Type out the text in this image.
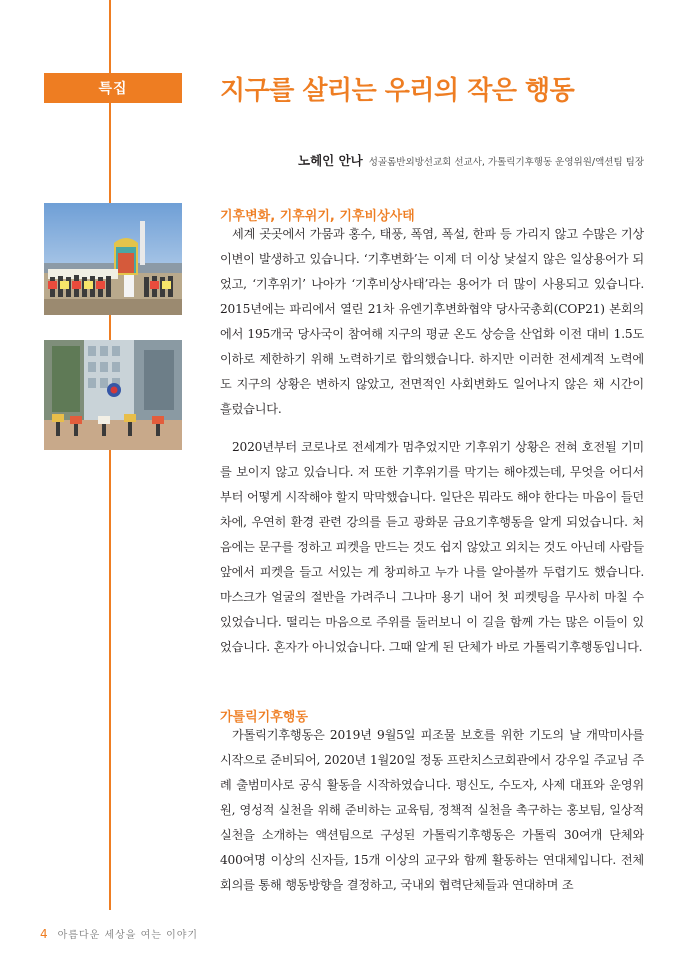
특집	지구를 살리는 우리의 작은 행동
노헤인 안나 성골롬반외방선교회 선교사, 가톨릭기후행동 운영위원/액션팀 팀장
기후변화, 기후위기, 기후비상사태

세계 곳곳에서 가뭄과 홍수, 태풍, 폭염, 폭설, 한파 등 가리지 않고 수많은 기상이변이 발생하고 있습니다. ‘기후변화’는 이제 더 이상 낯설지 않은 일상용어가 되었고, ‘기후위기’ 나아가 ‘기후비상사태’라는 용어가 더 많이 사용되고 있습니다. 2015년에는 파리에서 열린 21차 유엔기후변화협약 당사국총회(COP21) 본회의에서 195개국 당사국이 참여해 지구의 평균 온도 상승을 산업화 이전 대비 1.5도 이하로 제한하기 위해 노력하기로 합의했습니다. 하지만 이러한 전세계적 노력에도 지구의 상황은 변하지 않았고, 전면적인 사회변화도 일어나지 않은 채 시간이 흘렀습니다.

2020년부터 코로나로 전세계가 멈추었지만 기후위기 상황은 전혀 호전될 기미를 보이지 않고 있습니다. 저 또한 기후위기를 막기는 해야겠는데, 무엇을 어디서부터 어떻게 시작해야 할지 막막했습니다. 일단은 뭐라도 해야 한다는 마음이 들던 차에, 우연히 환경 관련 강의를 듣고 광화문 금요기후행동을 알게 되었습니다. 처음에는 문구를 정하고 피켓을 만드는 것도 쉽지 않았고 외치는 것도 아닌데 사람들 앞에서 피켓을 들고 서있는 게 창피하고 누가 나를 알아볼까 두렵기도 했습니다. 마스크가 얼굴의 절반을 가려주니 그나마 용기 내어 첫 피켓팅을 무사히 마칠 수 있었습니다. 떨리는 마음으로 주위를 둘러보니 이 길을 함께 가는 많은 이들이 있었습니다. 혼자가 아니었습니다. 그때 알게 된 단체가 바로 가톨릭기후행동입니다.

가톨릭기후행동

가톨릭기후행동은 2019년 9월5일 피조물 보호를 위한 기도의 날 개막미사를 시작으로 준비되어, 2020년 1월20일 정동 프란치스코회관에서 강우일 주교님 주례 출범미사로 공식 활동을 시작하였습니다. 평신도, 수도자, 사제 대표와 운영위원, 영성적 실천을 위해 준비하는 교육팀, 정책적 실천을 촉구하는 홍보팀, 일상적 실천을 소개하는 액션팀으로 구성된 가톨릭기후행동은 가톨릭 30여개 단체와 400여명 이상의 신자들, 15개 이상의 교구와 함께 활동하는 연대체입니다. 전체회의를 통해 행동방향을 결정하고, 국내외 협력단체들과 연대하며 조

4 아름다운 세상을 여는 이야기
